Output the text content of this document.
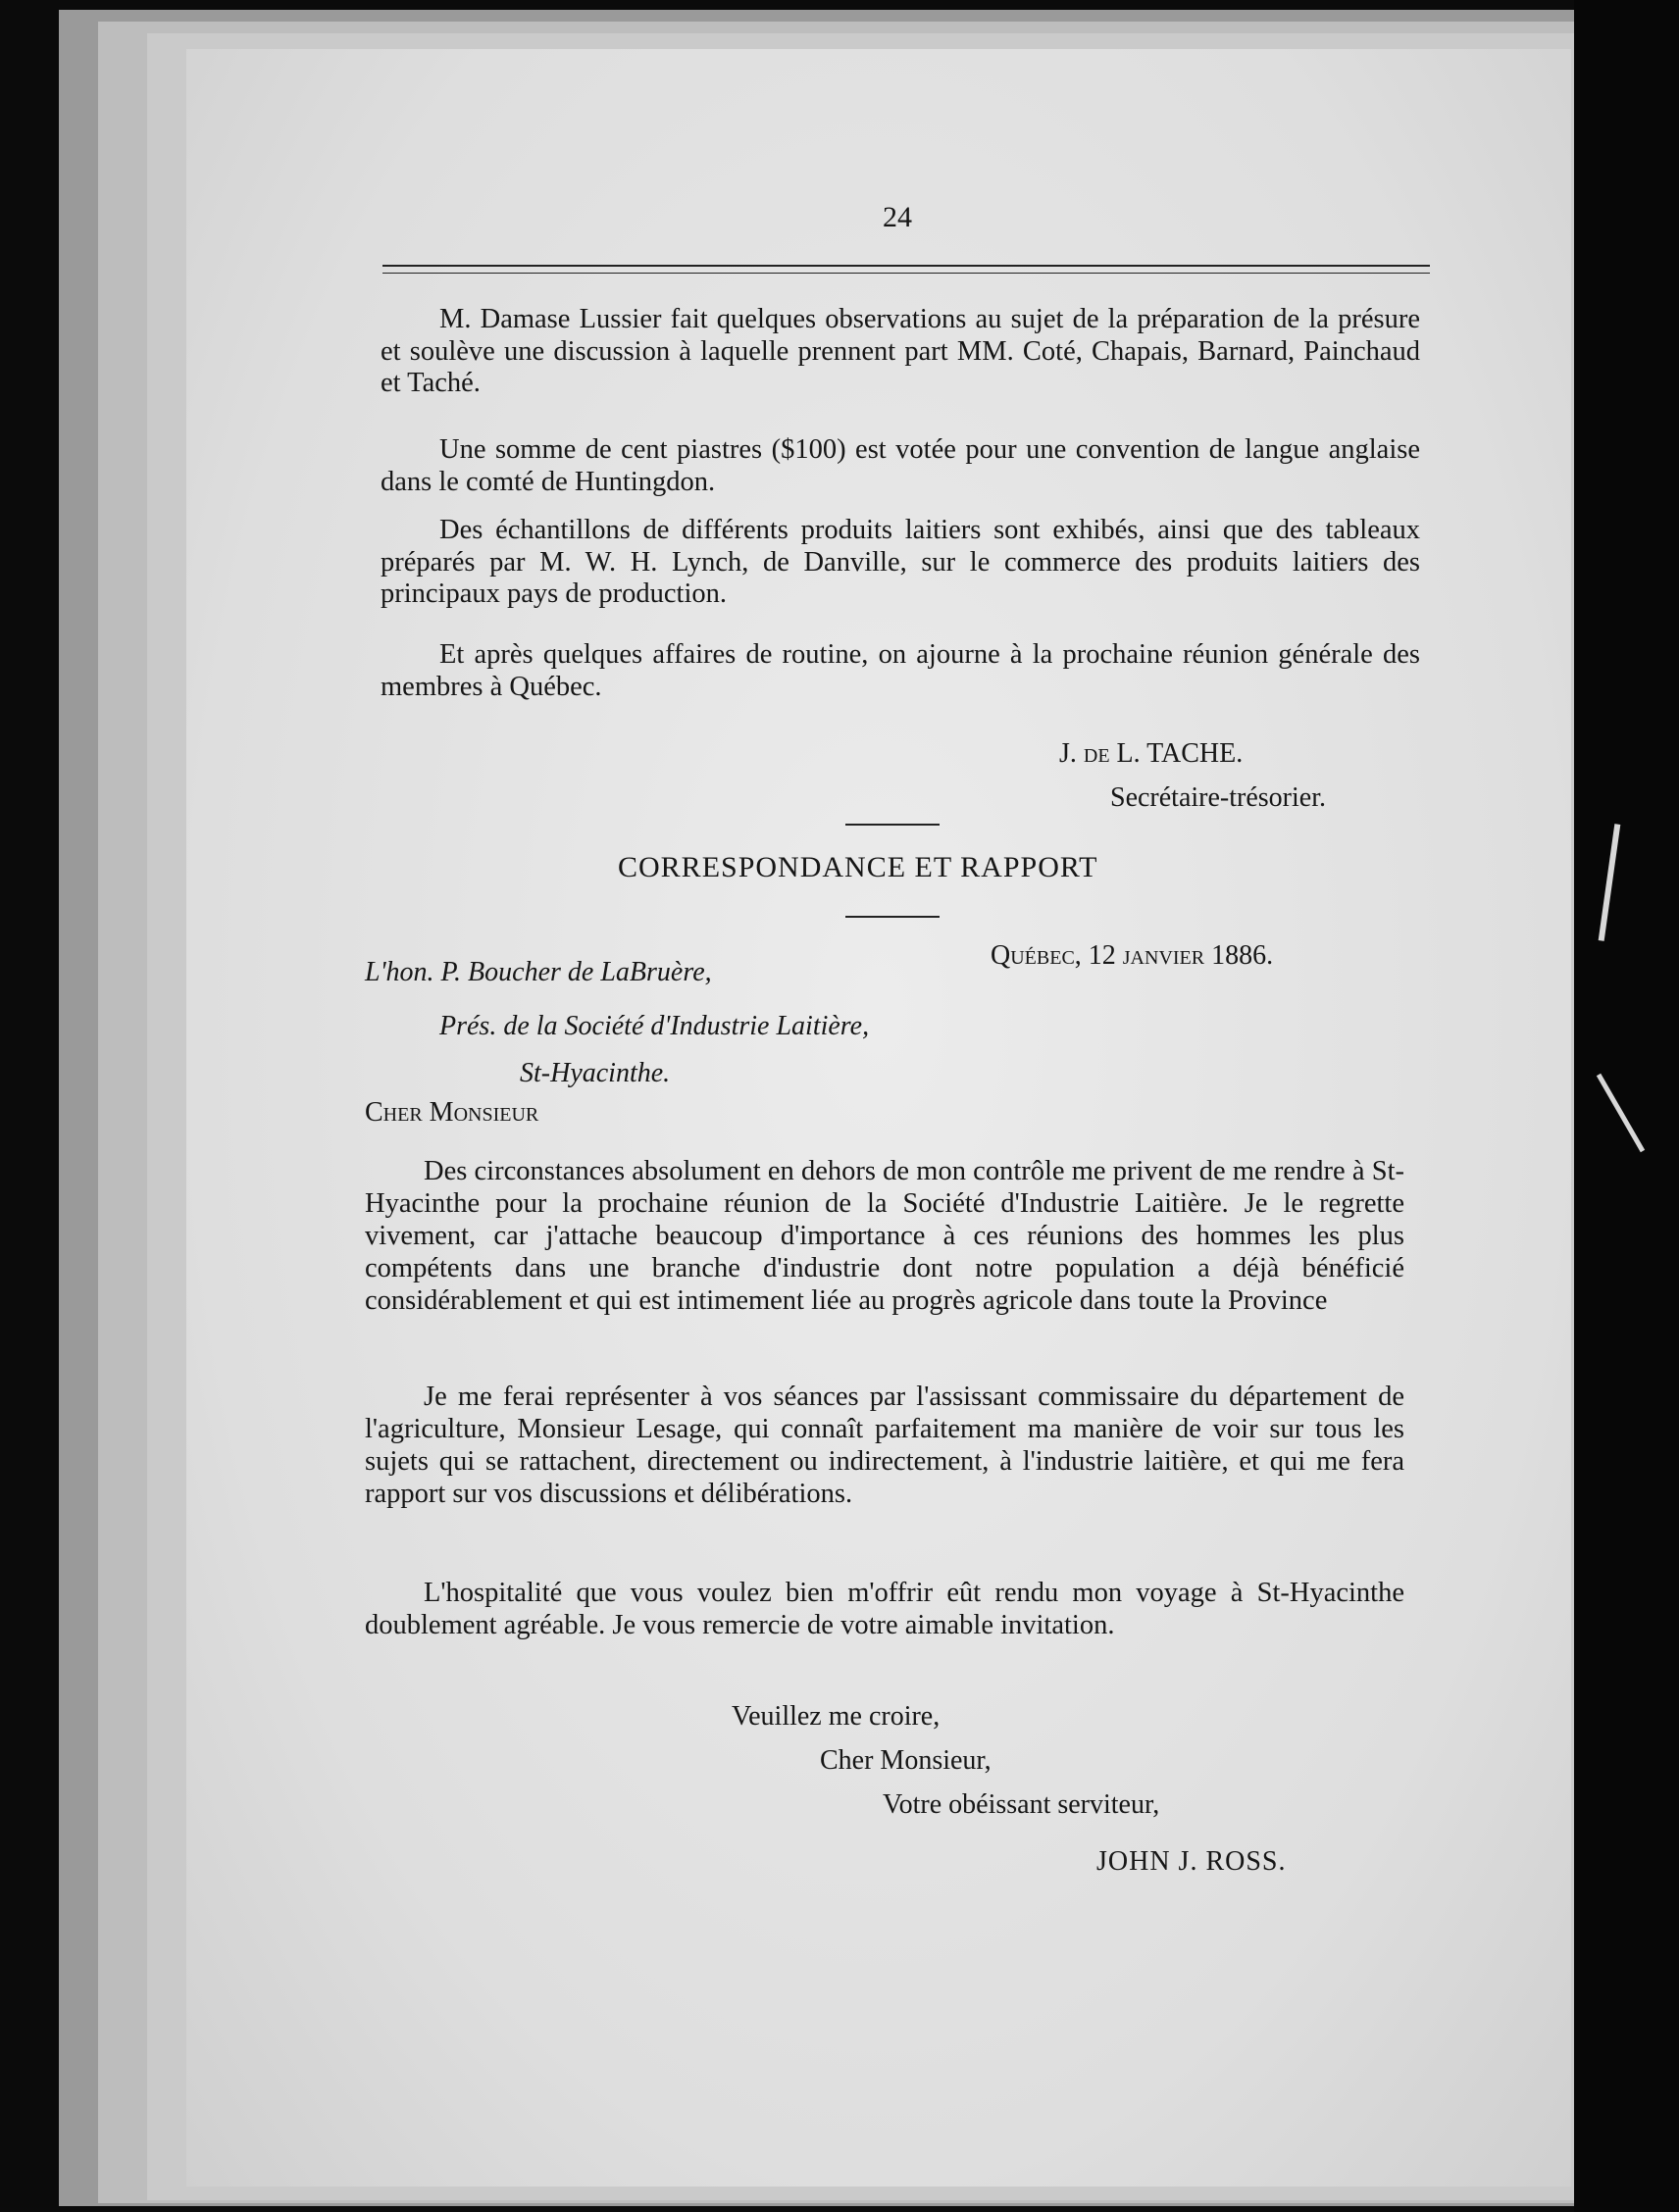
24
M. Damase Lussier fait quelques observations au sujet de la préparation de la présure et soulève une discussion à laquelle prennent part MM. Coté, Chapais, Barnard, Painchaud et Taché.
Une somme de cent piastres ($100) est votée pour une convention de langue anglaise dans le comté de Huntingdon.
Des échantillons de différents produits laitiers sont exhibés, ainsi que des tableaux préparés par M. W. H. Lynch, de Danville, sur le commerce des produits laitiers des principaux pays de production.
Et après quelques affaires de routine, on ajourne à la prochaine réunion générale des membres à Québec.
J. de L. TACHE.
Secrétaire-trésorier.
CORRESPONDANCE ET RAPPORT
Québec, 12 janvier 1886.
L'hon. P. Boucher de LaBruère,
Prés. de la Société d'Industrie Laitière,
St-Hyacinthe.
Cher Monsieur
Des circonstances absolument en dehors de mon contrôle me privent de me rendre à St-Hyacinthe pour la prochaine réunion de la Société d'Industrie Laitière. Je le regrette vivement, car j'attache beaucoup d'importance à ces réunions des hommes les plus compétents dans une branche d'industrie dont notre population a déjà bénéficié considérablement et qui est intimement liée au progrès agricole dans toute la Province
Je me ferai représenter à vos séances par l'assissant commissaire du département de l'agriculture, Monsieur Lesage, qui connaît parfaitement ma manière de voir sur tous les sujets qui se rattachent, directement ou indirectement, à l'industrie laitière, et qui me fera rapport sur vos discussions et délibérations.
L'hospitalité que vous voulez bien m'offrir eût rendu mon voyage à St-Hyacinthe doublement agréable. Je vous remercie de votre aimable invitation.
Veuillez me croire,
Cher Monsieur,
Votre obéissant serviteur,
JOHN J. ROSS.
